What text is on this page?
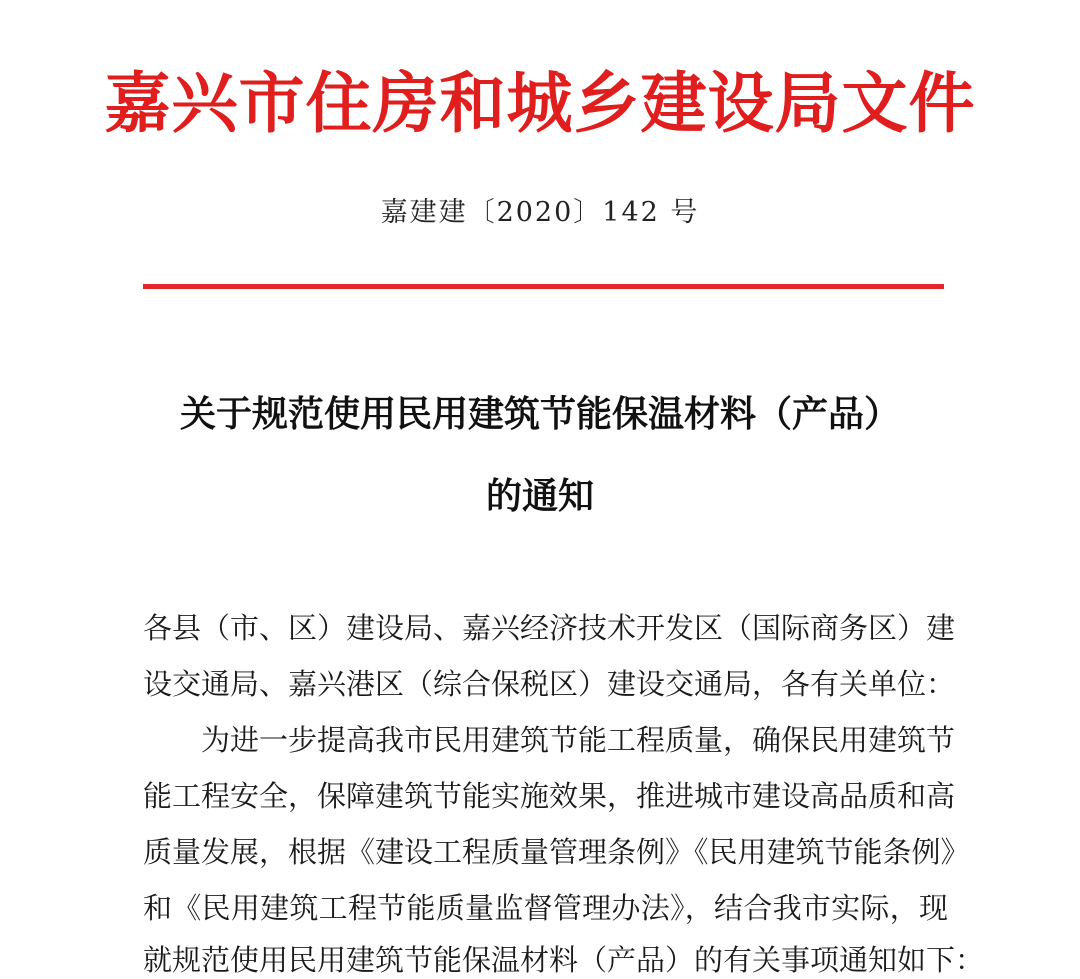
嘉兴市住房和城乡建设局文件
嘉建建〔2020〕142 号
关于规范使用民用建筑节能保温材料（产品）
的通知
各县（市、区）建设局、嘉兴经济技术开发区（国际商务区）建
设交通局、嘉兴港区（综合保税区）建设交通局，各有关单位：
　　为进一步提高我市民用建筑节能工程质量，确保民用建筑节
能工程安全，保障建筑节能实施效果，推进城市建设高品质和高
质量发展，根据《建设工程质量管理条例》《民用建筑节能条例》
和《民用建筑工程节能质量监督管理办法》，结合我市实际，现
就规范使用民用建筑节能保温材料（产品）的有关事项通知如下：
